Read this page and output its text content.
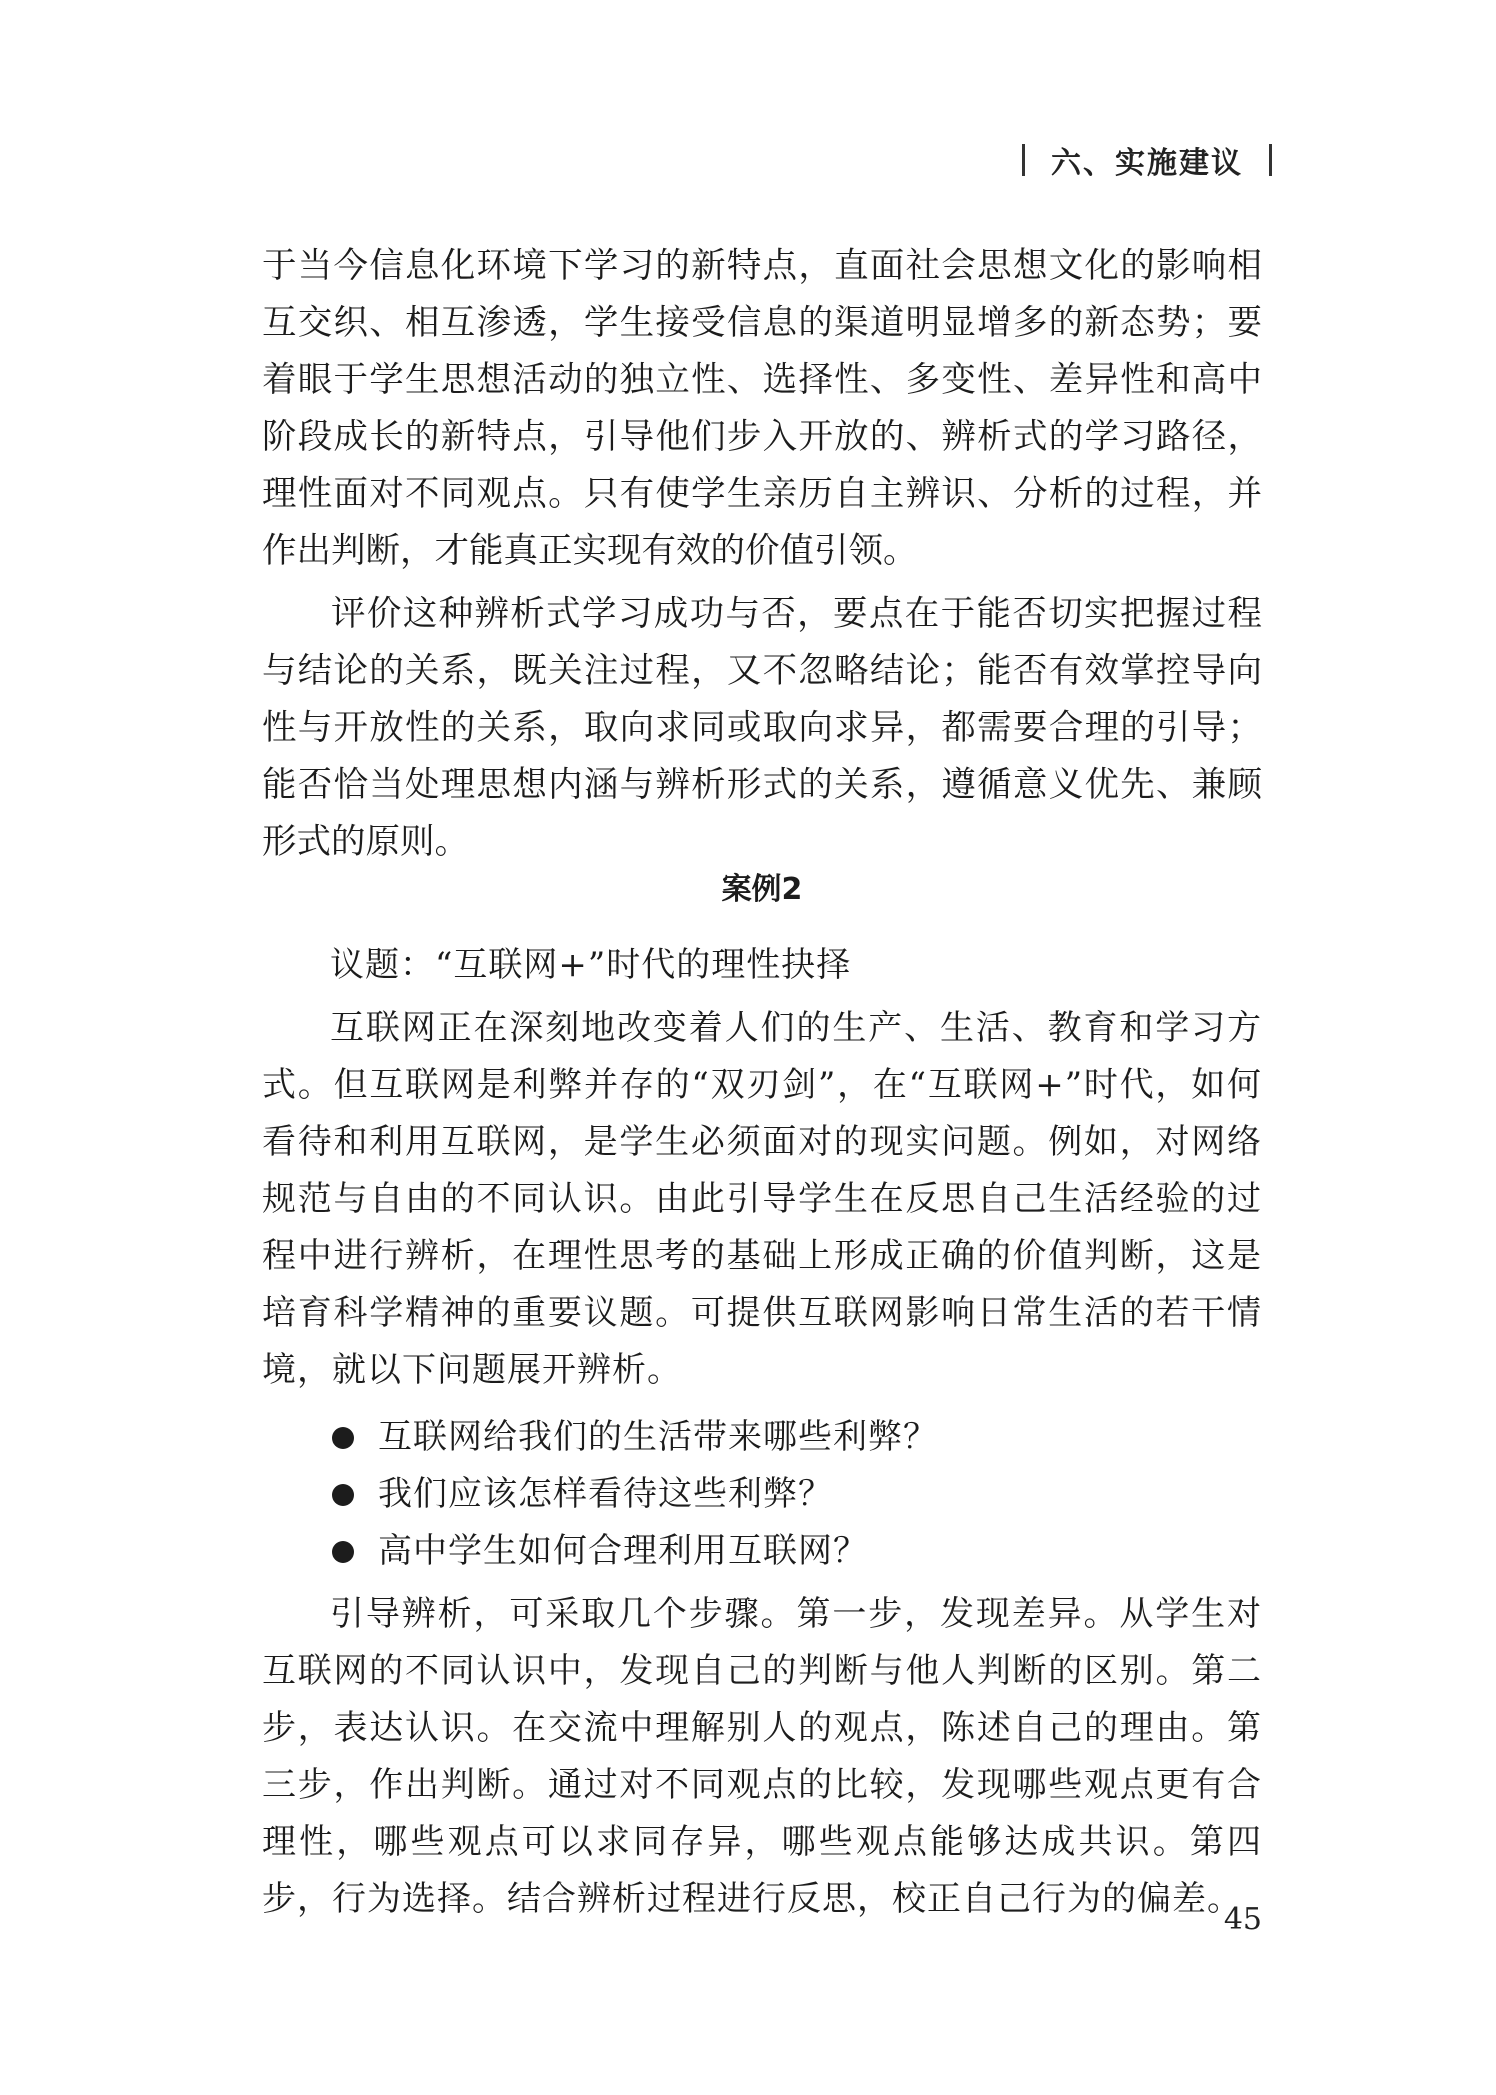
六、实施建议

于当今信息化环境下学习的新特点，直面社会思想文化的影响相互交织、相互渗透，学生接受信息的渠道明显增多的新态势；要着眼于学生思想活动的独立性、选择性、多变性、差异性和高中阶段成长的新特点，引导他们步入开放的、辨析式的学习路径，理性面对不同观点。只有使学生亲历自主辨识、分析的过程，并作出判断，才能真正实现有效的价值引领。

评价这种辨析式学习成功与否，要点在于能否切实把握过程与结论的关系，既关注过程，又不忽略结论；能否有效掌控导向性与开放性的关系，取向求同或取向求异，都需要合理的引导；能否恰当处理思想内涵与辨析形式的关系，遵循意义优先、兼顾形式的原则。

案例2

议题：“互联网+”时代的理性抉择

互联网正在深刻地改变着人们的生产、生活、教育和学习方式。但互联网是利弊并存的“双刃剑”，在“互联网+”时代，如何看待和利用互联网，是学生必须面对的现实问题。例如，对网络规范与自由的不同认识。由此引导学生在反思自己生活经验的过程中进行辨析，在理性思考的基础上形成正确的价值判断，这是培育科学精神的重要议题。可提供互联网影响日常生活的若干情境，就以下问题展开辨析。

互联网给我们的生活带来哪些利弊？
我们应该怎样看待这些利弊？
高中学生如何合理利用互联网？

引导辨析，可采取几个步骤。第一步，发现差异。从学生对互联网的不同认识中，发现自己的判断与他人判断的区别。第二步，表达认识。在交流中理解别人的观点，陈述自己的理由。第三步，作出判断。通过对不同观点的比较，发现哪些观点更有合理性，哪些观点可以求同存异，哪些观点能够达成共识。第四步，行为选择。结合辨析过程进行反思，校正自己行为的偏差。

45
